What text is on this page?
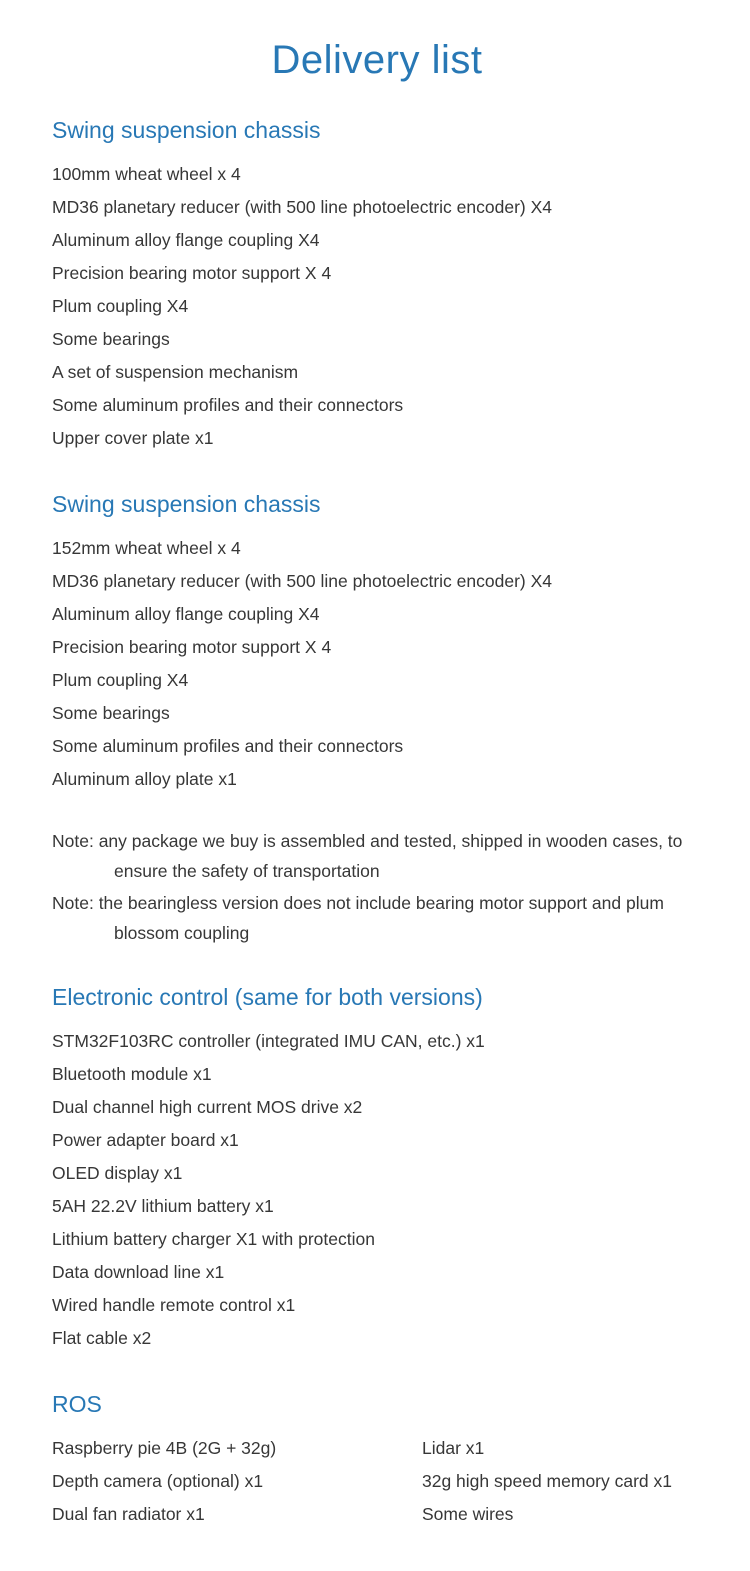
Delivery list
Swing suspension chassis
100mm wheat wheel x 4
MD36 planetary reducer (with 500 line photoelectric encoder) X4
Aluminum alloy flange coupling X4
Precision bearing motor support X 4
Plum coupling X4
Some bearings
A set of suspension mechanism
Some aluminum profiles and their connectors
Upper cover plate x1
Swing suspension chassis
152mm wheat wheel x 4
MD36 planetary reducer (with 500 line photoelectric encoder) X4
Aluminum alloy flange coupling X4
Precision bearing motor support X 4
Plum coupling X4
Some bearings
Some aluminum profiles and their connectors
Aluminum alloy plate x1
Note: any package we buy is assembled and tested, shipped in wooden cases, to ensure the safety of transportation
Note: the bearingless version does not include bearing motor support and plum blossom coupling
Electronic control (same for both versions)
STM32F103RC controller (integrated IMU CAN, etc.) x1
Bluetooth module x1
Dual channel high current MOS drive x2
Power adapter board x1
OLED display x1
5AH 22.2V lithium battery x1
Lithium battery charger X1 with protection
Data download line x1
Wired handle remote control x1
Flat cable x2
ROS
Raspberry pie 4B (2G + 32g)
Depth camera (optional) x1
Dual fan radiator x1
Lidar x1
32g high speed memory card x1
Some wires
